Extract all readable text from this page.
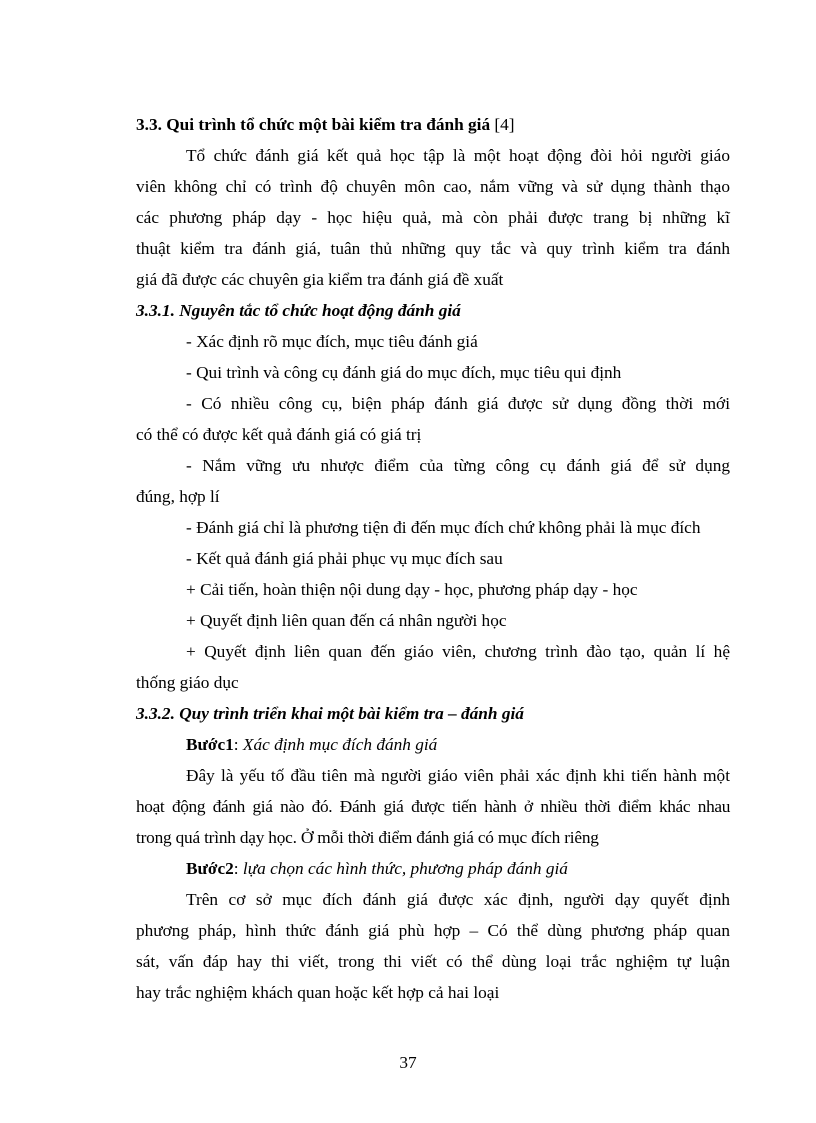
3.3. Qui trình tổ chức một bài kiểm tra đánh giá [4]
Tổ chức đánh giá kết quả học tập là một hoạt động đòi hỏi người giáo
viên không chỉ có trình độ chuyên môn cao, nắm vững và sử dụng thành thạo
các phương pháp dạy - học hiệu quả, mà còn phải được trang bị những kĩ
thuật kiểm tra đánh giá, tuân thủ những quy tắc và quy trình kiểm tra đánh
giá đã được các chuyên gia kiểm tra đánh giá đề xuất
3.3.1. Nguyên tắc tổ chức hoạt động đánh giá
- Xác định rõ mục đích, mục tiêu đánh giá
- Qui trình và công cụ đánh giá do mục đích, mục tiêu qui định
- Có nhiều công cụ, biện pháp đánh giá được sử dụng đồng thời mới
có thể có được kết quả đánh giá có giá trị
- Nắm vững ưu nhược điểm của từng công cụ đánh giá để sử dụng
đúng, hợp lí
- Đánh giá chỉ là phương tiện đi đến mục đích chứ không phải là mục đích
- Kết quả đánh giá phải phục vụ mục đích sau
+ Cải tiến, hoàn thiện nội dung dạy - học, phương pháp dạy - học
+ Quyết định liên quan đến cá nhân người học
+ Quyết định liên quan đến giáo viên, chương trình đào tạo, quản lí hệ
thống giáo dục
3.3.2. Quy trình triển khai một bài kiểm tra – đánh giá
Bước1: Xác định mục đích đánh giá
Đây là yếu tố đầu tiên mà người giáo viên phải xác định khi tiến hành một
hoạt động đánh giá nào đó. Đánh giá được tiến hành ở nhiều thời điểm khác nhau
trong quá trình dạy học. Ở mỗi thời điểm đánh giá có mục đích riêng
Bước2: lựa chọn các hình thức, phương pháp đánh giá
Trên cơ sở mục đích đánh giá được xác định, người dạy quyết định
phương pháp, hình thức đánh giá phù hợp – Có thể dùng phương pháp quan
sát, vấn đáp hay thi viết, trong thi viết có thể dùng loại trắc nghiệm tự luận
hay trắc nghiệm khách quan hoặc kết hợp cả hai loại
37
